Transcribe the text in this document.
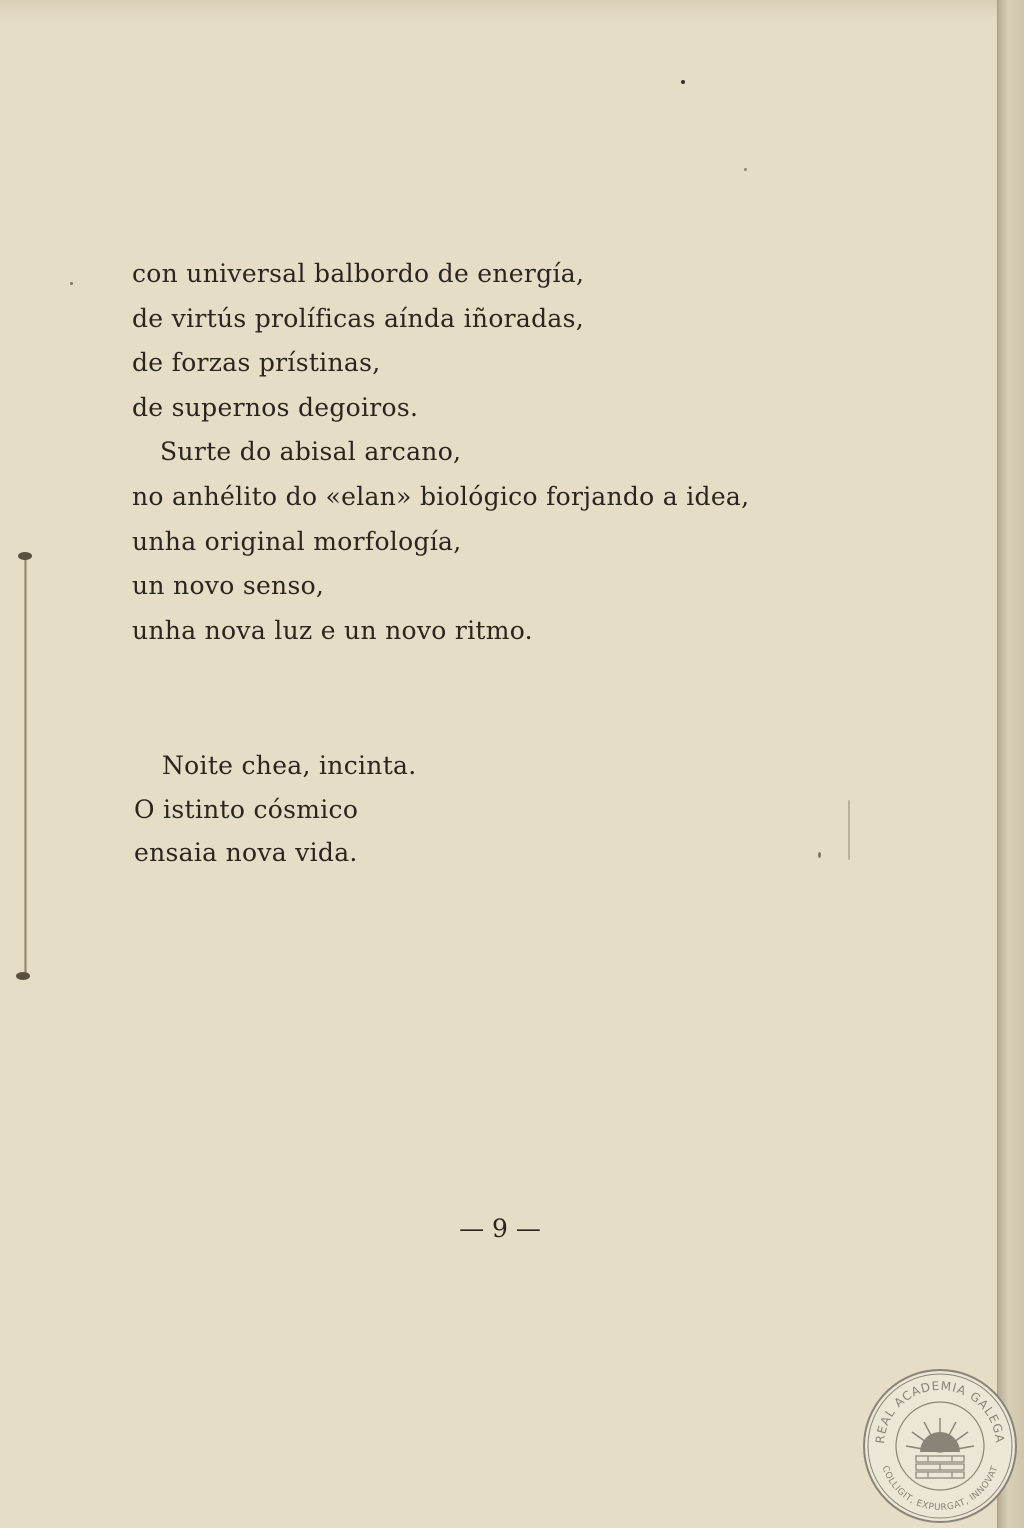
con universal balbordo de energía,
de virtús prolíficas aínda iñoradas,
de forzas prístinas,
de supernos degoiros.
Surte do abisal arcano,
no anhélito do «elan» biológico forjando a idea,
unha original morfología,
un novo senso,
unha nova luz e un novo ritmo.
Noite chea, incinta.
O istinto cósmico
ensaia nova vida.
— 9 —
REAL ACADEMIA GALEGA
COLLIGIT, EXPURGAT, INNOVAT
